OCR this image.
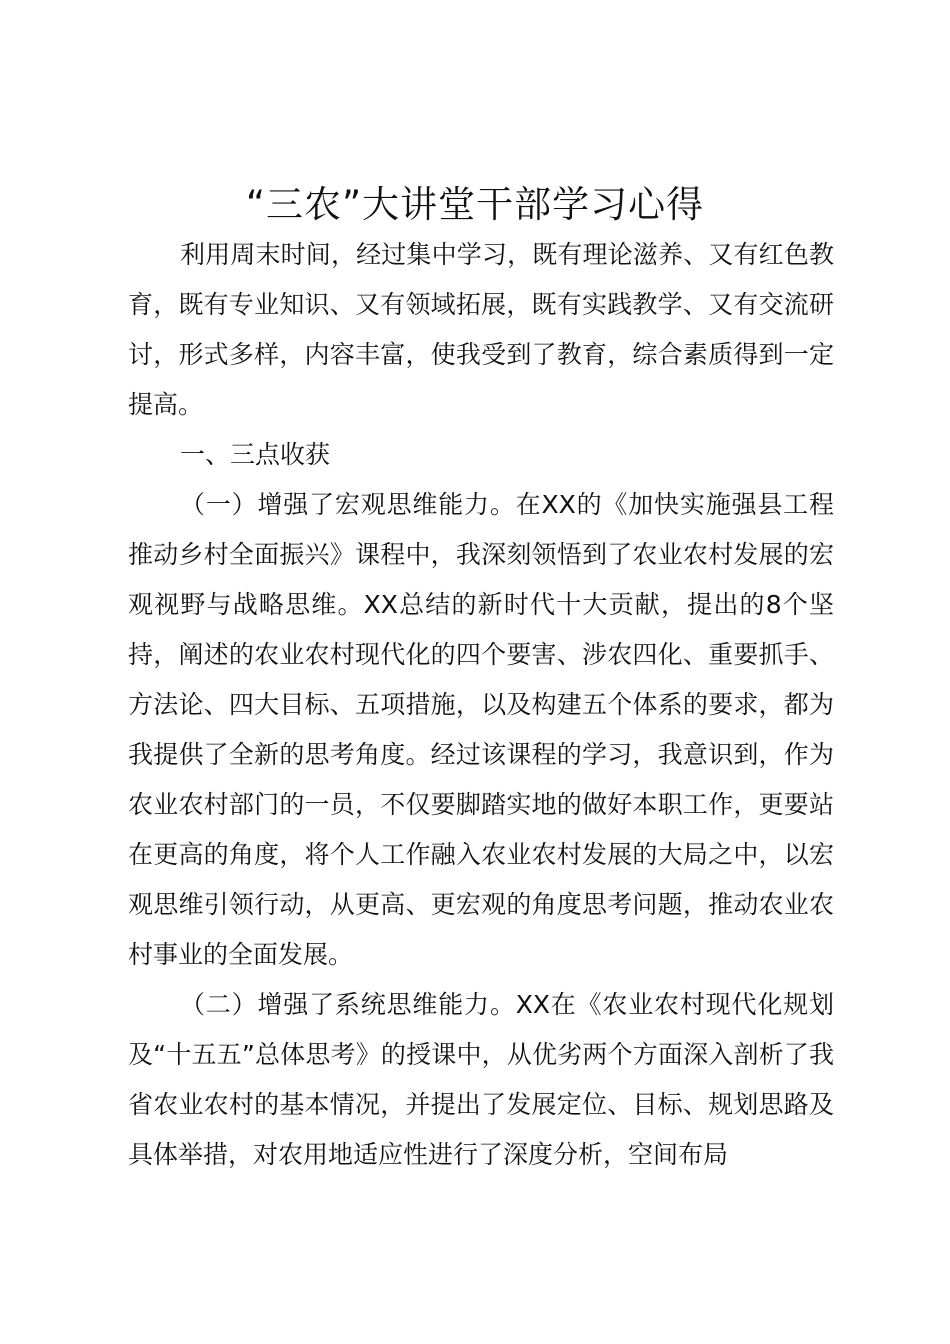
“三农”大讲堂干部学习心得

利用周末时间，经过集中学习，既有理论滋养、又有红色教育，既有专业知识、又有领域拓展，既有实践教学、又有交流研讨，形式多样，内容丰富，使我受到了教育，综合素质得到一定提高。

一、三点收获

（一）增强了宏观思维能力。在XX的《加快实施强县工程推动乡村全面振兴》课程中，我深刻领悟到了农业农村发展的宏观视野与战略思维。XX总结的新时代十大贡献，提出的8个坚持，阐述的农业农村现代化的四个要害、涉农四化、重要抓手、方法论、四大目标、五项措施，以及构建五个体系的要求，都为我提供了全新的思考角度。经过该课程的学习，我意识到，作为农业农村部门的一员，不仅要脚踏实地的做好本职工作，更要站在更高的角度，将个人工作融入农业农村发展的大局之中，以宏观思维引领行动，从更高、更宏观的角度思考问题，推动农业农村事业的全面发展。

（二）增强了系统思维能力。XX在《农业农村现代化规划及“十五五”总体思考》的授课中，从优劣两个方面深入剖析了我省农业农村的基本情况，并提出了发展定位、目标、规划思路及具体举措，对农用地适应性进行了深度分析，空间布局
